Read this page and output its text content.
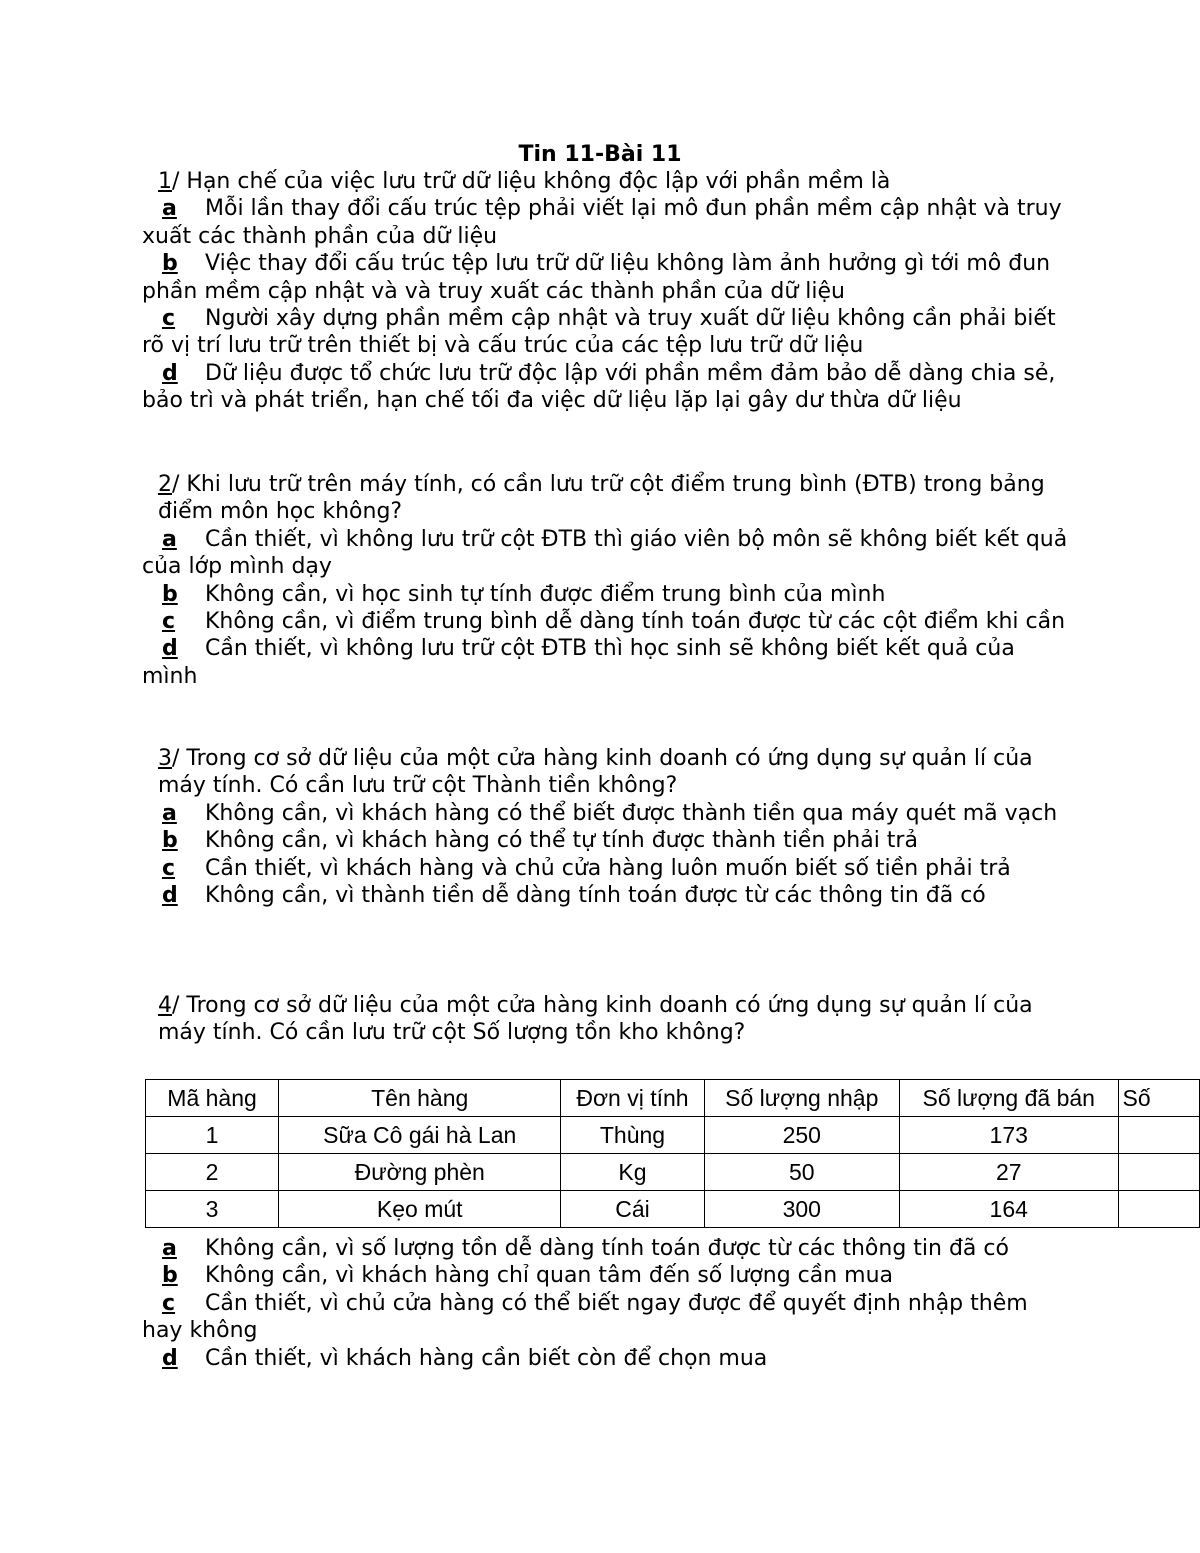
Tin 11-Bài 11

1/ Hạn chế của việc lưu trữ dữ liệu không độc lập với phần mềm là

a Mỗi lần thay đổi cấu trúc tệp phải viết lại mô đun phần mềm cập nhật và truy xuất các thành phần của dữ liệu

b Việc thay đổi cấu trúc tệp lưu trữ dữ liệu không làm ảnh hưởng gì tới mô đun phần mềm cập nhật và và truy xuất các thành phần của dữ liệu

c Người xây dựng phần mềm cập nhật và truy xuất dữ liệu không cần phải biết rõ vị trí lưu trữ trên thiết bị và cấu trúc của các tệp lưu trữ dữ liệu

d Dữ liệu được tổ chức lưu trữ độc lập với phần mềm đảm bảo dễ dàng chia sẻ, bảo trì và phát triển, hạn chế tối đa việc dữ liệu lặp lại gây dư thừa dữ liệu

2/ Khi lưu trữ trên máy tính, có cần lưu trữ cột điểm trung bình (ĐTB) trong bảng điểm môn học không?

a Cần thiết, vì không lưu trữ cột ĐTB thì giáo viên bộ môn sẽ không biết kết quả của lớp mình dạy

b Không cần, vì học sinh tự tính được điểm trung bình của mình

c Không cần, vì điểm trung bình dễ dàng tính toán được từ các cột điểm khi cần

d Cần thiết, vì không lưu trữ cột ĐTB thì học sinh sẽ không biết kết quả của mình

3/ Trong cơ sở dữ liệu của một cửa hàng kinh doanh có ứng dụng sự quản lí của máy tính. Có cần lưu trữ cột Thành tiền không?

a Không cần, vì khách hàng có thể biết được thành tiền qua máy quét mã vạch

b Không cần, vì khách hàng có thể tự tính được thành tiền phải trả

c Cần thiết, vì khách hàng và chủ cửa hàng luôn muốn biết số tiền phải trả

d Không cần, vì thành tiền dễ dàng tính toán được từ các thông tin đã có

4/ Trong cơ sở dữ liệu của một cửa hàng kinh doanh có ứng dụng sự quản lí của máy tính. Có cần lưu trữ cột Số lượng tồn kho không?

Mã hàng	Tên hàng	Đơn vị tính	Số lượng nhập	Số lượng đã bán	Số
1	Sữa Cô gái hà Lan	Thùng	250	173	
2	Đường phèn	Kg	50	27	
3	Kẹo mút	Cái	300	164	

a Không cần, vì số lượng tồn dễ dàng tính toán được từ các thông tin đã có

b Không cần, vì khách hàng chỉ quan tâm đến số lượng cần mua

c Cần thiết, vì chủ cửa hàng có thể biết ngay được để quyết định nhập thêm hay không

d Cần thiết, vì khách hàng cần biết còn để chọn mua
